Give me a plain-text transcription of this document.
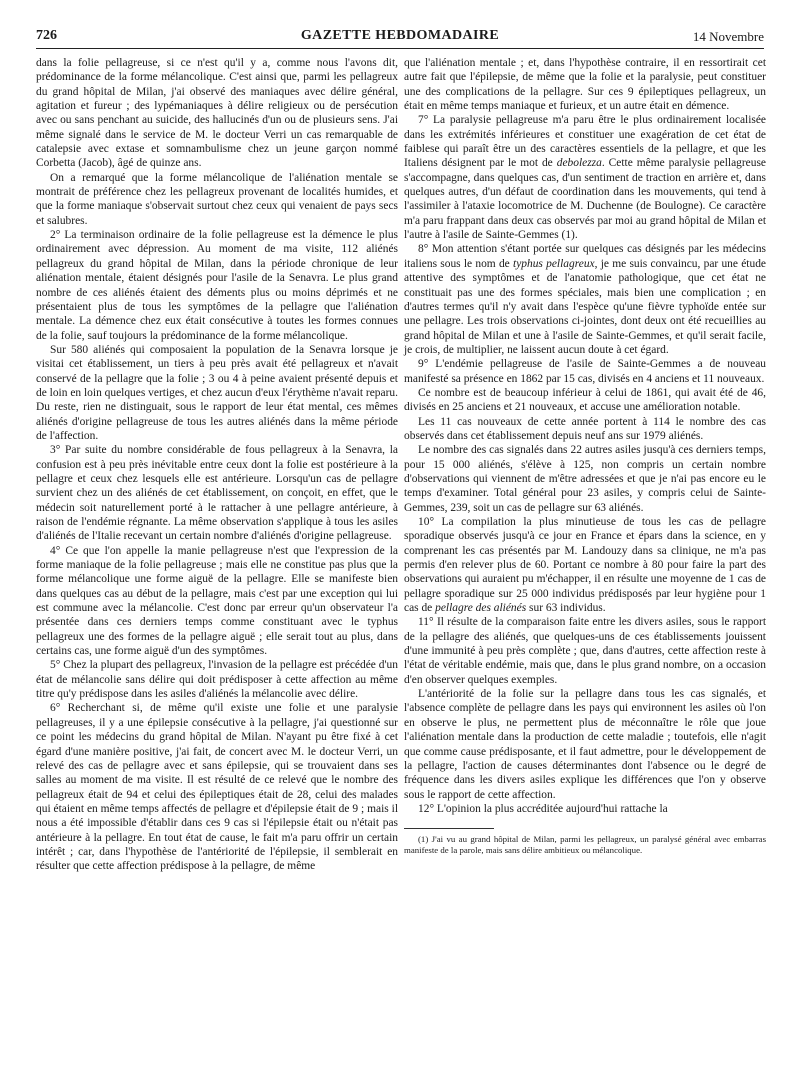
726	GAZETTE HEBDOMADAIRE	14 Novembre

dans la folie pellagreuse, si ce n'est qu'il y a, comme nous l'avons dit, prédominance de la forme mélancolique. C'est ainsi que, parmi les pellagreux du grand hôpital de Milan, j'ai observé des maniaques avec délire général, agitation et fureur ; des lypémaniaques à délire religieux ou de persécution avec ou sans penchant au suicide, des hallucinés d'un ou de plusieurs sens. J'ai même signalé dans le service de M. le docteur Verri un cas remarquable de catalepsie avec extase et somnambulisme chez un jeune garçon nommé Corbetta (Jacob), âgé de quinze ans.

On a remarqué que la forme mélancolique de l'aliénation mentale se montrait de préférence chez les pellagreux provenant de localités humides, et que la forme maniaque s'observait surtout chez ceux qui venaient de pays secs et salubres.

2° La terminaison ordinaire de la folie pellagreuse est la démence le plus ordinairement avec dépression. Au moment de ma visite, 112 aliénés pellagreux du grand hôpital de Milan, dans la période chronique de leur aliénation mentale, étaient désignés pour l'asile de la Senavra. Le plus grand nombre de ces aliénés étaient des déments plus ou moins déprimés et ne présentaient plus de tous les symptômes de la pellagre que l'aliénation mentale. La démence chez eux était consécutive à toutes les formes connues de la folie, sauf toujours la prédominance de la forme mélancolique.

Sur 580 aliénés qui composaient la population de la Senavra lorsque je visitai cet établissement, un tiers à peu près avait été pellagreux et n'avait conservé de la pellagre que la folie ; 3 ou 4 à peine avaient présenté depuis et de loin en loin quelques vertiges, et chez aucun d'eux l'érythème n'avait reparu. Du reste, rien ne distinguait, sous le rapport de leur état mental, ces mêmes aliénés d'origine pellagreuse de tous les autres aliénés dans la même période de l'affection.

3° Par suite du nombre considérable de fous pellagreux à la Senavra, la confusion est à peu près inévitable entre ceux dont la folie est postérieure à la pellagre et ceux chez lesquels elle est antérieure. Lorsqu'un cas de pellagre survient chez un des aliénés de cet établissement, on conçoit, en effet, que le médecin soit naturellement porté à le rattacher à une pellagre antérieure, à raison de l'endémie régnante. La même observation s'applique à tous les asiles d'aliénés de l'Italie recevant un certain nombre d'aliénés d'origine pellagreuse.

4° Ce que l'on appelle la manie pellagreuse n'est que l'expression de la forme maniaque de la folie pellagreuse ; mais elle ne constitue pas plus que la forme mélancolique une forme aiguë de la pellagre. Elle se manifeste bien dans quelques cas au début de la pellagre, mais c'est par une exception qui lui est commune avec la mélancolie. C'est donc par erreur qu'un observateur l'a présentée dans ces derniers temps comme constituant avec le typhus pellagreux une des formes de la pellagre aiguë ; elle serait tout au plus, dans certains cas, une forme aiguë d'un des symptômes.

5° Chez la plupart des pellagreux, l'invasion de la pellagre est précédée d'un état de mélancolie sans délire qui doit prédisposer à cette affection au même titre qu'y prédispose dans les asiles d'aliénés la mélancolie avec délire.

6° Recherchant si, de même qu'il existe une folie et une paralysie pellagreuses, il y a une épilepsie consécutive à la pellagre, j'ai questionné sur ce point les médecins du grand hôpital de Milan. N'ayant pu être fixé à cet égard d'une manière positive, j'ai fait, de concert avec M. le docteur Verri, un relevé des cas de pellagre avec et sans épilepsie, qui se trouvaient dans ses salles au moment de ma visite. Il est résulté de ce relevé que le nombre des pellagreux était de 94 et celui des épileptiques était de 28, celui des malades qui étaient en même temps affectés de pellagre et d'épilepsie était de 9 ; mais il nous a été impossible d'établir dans ces 9 cas si l'épilepsie était ou n'était pas antérieure à la pellagre. En tout état de cause, le fait m'a paru offrir un certain intérêt ; car, dans l'hypothèse de l'antériorité de l'épilepsie, il semblerait en résulter que cette affection prédispose à la pellagre, de même

que l'aliénation mentale ; et, dans l'hypothèse contraire, il en ressortirait cet autre fait que l'épilepsie, de même que la folie et la paralysie, peut constituer une des complications de la pellagre. Sur ces 9 épileptiques pellagreux, un était en même temps maniaque et furieux, et un autre était en démence.

7° La paralysie pellagreuse m'a paru être le plus ordinairement localisée dans les extrémités inférieures et constituer une exagération de cet état de faiblese qui paraît être un des caractères essentiels de la pellagre, et que les Italiens désignent par le mot de debolezza. Cette même paralysie pellagreuse s'accompagne, dans quelques cas, d'un sentiment de traction en arrière et, dans quelques autres, d'un défaut de coordination dans les mouvements, qui tend à l'assimiler à l'ataxie locomotrice de M. Duchenne (de Boulogne). Ce caractère m'a paru frappant dans deux cas observés par moi au grand hôpital de Milan et l'autre à l'asile de Sainte-Gemmes (1).

8° Mon attention s'étant portée sur quelques cas désignés par les médecins italiens sous le nom de typhus pellagreux, je me suis convaincu, par une étude attentive des symptômes et de l'anatomie pathologique, que cet état ne constituait pas une des formes spéciales, mais bien une complication ; en d'autres termes qu'il n'y avait dans l'espèce qu'une fièvre typhoïde entée sur une pellagre. Les trois observations ci-jointes, dont deux ont été recueillies au grand hôpital de Milan et une à l'asile de Sainte-Gemmes, et qu'il serait facile, je crois, de multiplier, ne laissent aucun doute à cet égard.

9° L'endémie pellagreuse de l'asile de Sainte-Gemmes a de nouveau manifesté sa présence en 1862 par 15 cas, divisés en 4 anciens et 11 nouveaux.

Ce nombre est de beaucoup inférieur à celui de 1861, qui avait été de 46, divisés en 25 anciens et 21 nouveaux, et accuse une amélioration notable.

Les 11 cas nouveaux de cette année portent à 114 le nombre des cas observés dans cet établissement depuis neuf ans sur 1979 aliénés.

Le nombre des cas signalés dans 22 autres asiles jusqu'à ces derniers temps, pour 15 000 aliénés, s'élève à 125, non compris un certain nombre d'observations qui viennent de m'être adressées et que je n'ai pas encore eu le temps d'examiner. Total général pour 23 asiles, y compris celui de Sainte-Gemmes, 239, soit un cas de pellagre sur 63 aliénés.

10° La compilation la plus minutieuse de tous les cas de pellagre sporadique observés jusqu'à ce jour en France et épars dans la science, en y comprenant les cas présentés par M. Landouzy dans sa clinique, ne m'a pas permis d'en relever plus de 60. Portant ce nombre à 80 pour faire la part des observations qui auraient pu m'échapper, il en résulte une moyenne de 1 cas de pellagre sporadique sur 25 000 individus prédisposés par leur hygiène pour 1 cas de pellagre des aliénés sur 63 individus.

11° Il résulte de la comparaison faite entre les divers asiles, sous le rapport de la pellagre des aliénés, que quelques-uns de ces établissements jouissent d'une immunité à peu près complète ; que, dans d'autres, cette affection reste à l'état de véritable endémie, mais que, dans le plus grand nombre, on a occasion d'en observer quelques exemples.

L'antériorité de la folie sur la pellagre dans tous les cas signalés, et l'absence complète de pellagre dans les pays qui environnent les asiles où l'on en observe le plus, ne permettent plus de méconnaître le rôle que joue l'aliénation mentale dans la production de cette maladie ; toutefois, elle n'agit que comme cause prédisposante, et il faut admettre, pour le développement de la pellagre, l'action de causes déterminantes dont l'absence ou le degré de fréquence dans les divers asiles explique les différences que l'on y observe sous le rapport de cette affection.

12° L'opinion la plus accréditée aujourd'hui rattache la

(1) J'ai vu au grand hôpital de Milan, parmi les pellagreux, un paralysé général avec embarras manifeste de la parole, mais sans délire ambitieux ou mélancolique.
